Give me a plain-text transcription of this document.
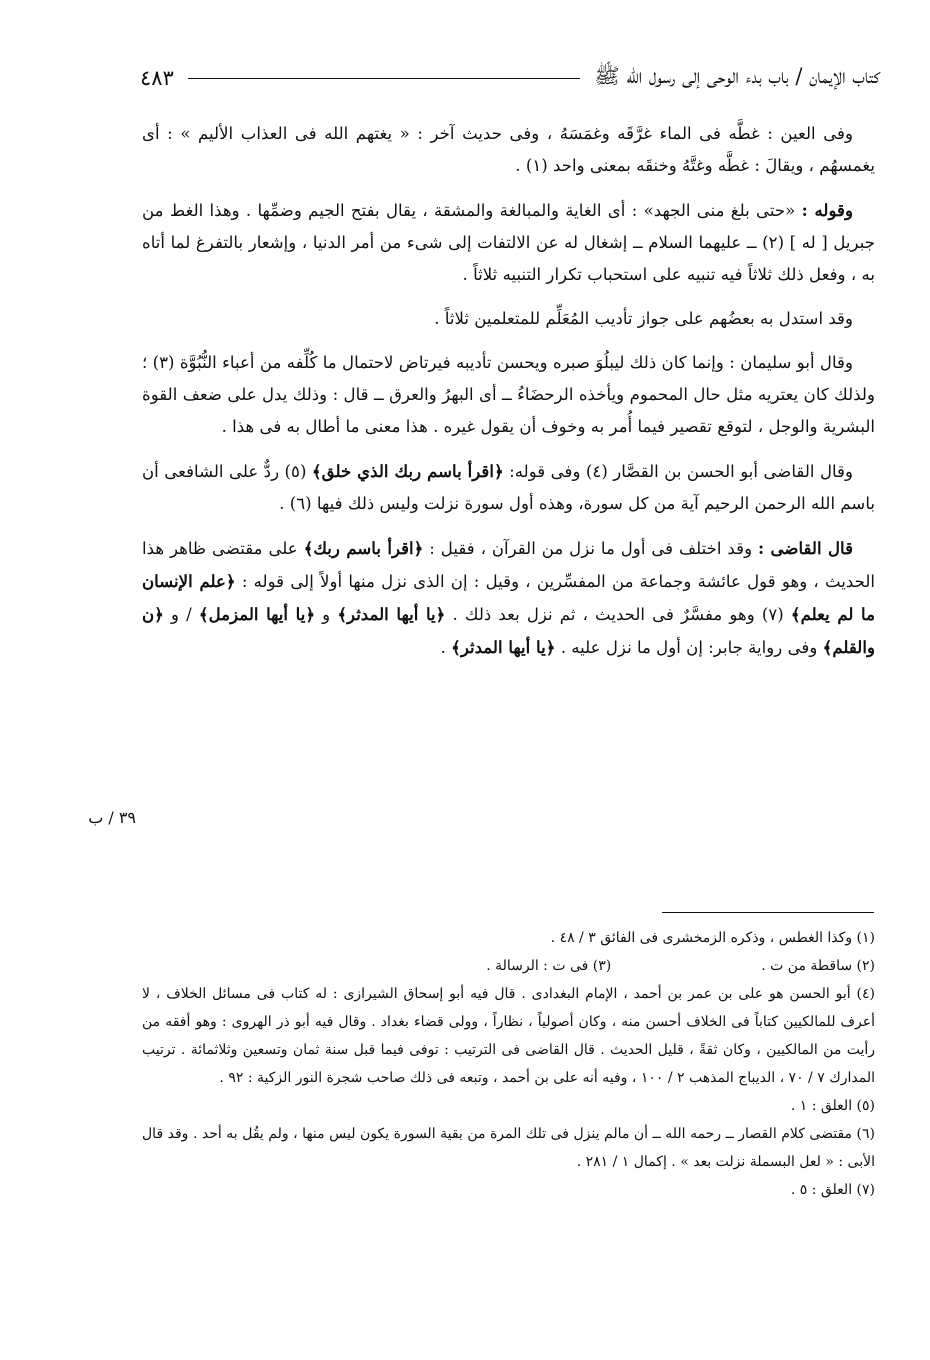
كتاب الإيمان / باب بدء الوحى إلى رسول الله ﷺ
٤٨٣

وفى العين : غطَّه فى الماء غرَّقَه وغمَسَهُ ، وفى حديث آخر : « يغتهم الله فى العذاب الأليم » : أى يغمسهُم ، ويقالَ : غطَّه وغتَّهُ وخنقَه بمعنى واحد (١) .

وقوله : «حتى بلغ منى الجهد» : أى الغاية والمبالغة والمشقة ، يقال بفتح الجيم وضمِّها . وهذا الغط من جبريل [ له ] (٢) ــ عليهما السلام ــ إشغال له عن الالتفات إلى شىء من أمر الدنيا ، وإشعار بالتفرغ لما أتاه به ، وفعل ذلك ثلاثاً فيه تنبيه على استحباب تكرار التنبيه ثلاثاً .

وقد استدل به بعضُهم على جواز تأديب المُعَلِّم للمتعلمين ثلاثاً .

وقال أبو سليمان : وإنما كان ذلك ليبلُوَ صبره ويحسن تأديبه فيرتاض لاحتمال ما كُلِّفه من أعباء النُّبُوَّة (٣) ؛ ولذلك كان يعتريه مثل حال المحموم ويأخذه الرحضَاءُ ــ أى البهرُ والعرق ــ قال : وذلك يدل على ضعف القوة البشرية والوجل ، لتوقع تقصير فيما أُمر به وخوف أن يقول غيره . هذا معنى ما أطال به فى هذا .

وقال القاضى أبو الحسن بن القصَّار (٤) وفى قوله: ﴿اقرأ باسم ربك الذي خلق﴾ (٥) ردٌّ على الشافعى أن باسم الله الرحمن الرحيم آية من كل سورة، وهذه أول سورة نزلت وليس ذلك فيها (٦) .

قال القاضى : وقد اختلف فى أول ما نزل من القرآن ، فقيل : ﴿اقرأ باسم ربك﴾ على مقتضى ظاهر هذا الحديث ، وهو قول عائشة وجماعة من المفسِّرين ، وقيل : إن الذى نزل منها أولاً إلى قوله : ﴿علم الإنسان ما لم يعلم﴾ (٧) وهو مفسَّرٌ فى الحديث ، ثم نزل بعد ذلك . ﴿يا أيها المدثر﴾ و ﴿يا أيها المزمل﴾ / و ﴿ن والقلم﴾ وفى رواية جابر: إن أول ما نزل عليه . ﴿يا أيها المدثر﴾ .

٣٩ / ب

(١) وكذا الغطس ، وذكره الزمخشرى فى الفائق ٣ / ٤٨ .

(٢) ساقطة من ت .
(٣) فى ت : الرسالة .

(٤) أبو الحسن هو على بن عمر بن أحمد ، الإمام البغدادى . قال فيه أبو إسحاق الشيرازى : له كتاب فى مسائل الخلاف ، لا أعرف للمالكيين كتاباً فى الخلاف أحسن منه ، وكان أصولياً ، نظاراً ، وولى قضاء بغداد . وقال فيه أبو ذر الهروى : وهو أفقه من رأيت من المالكيين ، وكان ثقةً ، قليل الحديث . قال القاضى فى الترتيب : توفى فيما قبل سنة ثمان وتسعين وثلاثمائة . ترتيب المدارك ٧ / ٧٠ ، الديباج المذهب ٢ / ١٠٠ ، وفيه أنه على بن أحمد ، وتبعه فى ذلك صاحب شجرة النور الزكية : ٩٢ .

(٥) العلق : ١ .

(٦) مقتضى كلام القصار ــ رحمه الله ــ أن مالم ينزل فى تلك المرة من بقية السورة يكون ليس منها ، ولم يقُل به أحد . وقد قال الأبى : « لعل البسملة نزلت بعد » . إكمال ١ / ٢٨١ .

(٧) العلق : ٥ .
